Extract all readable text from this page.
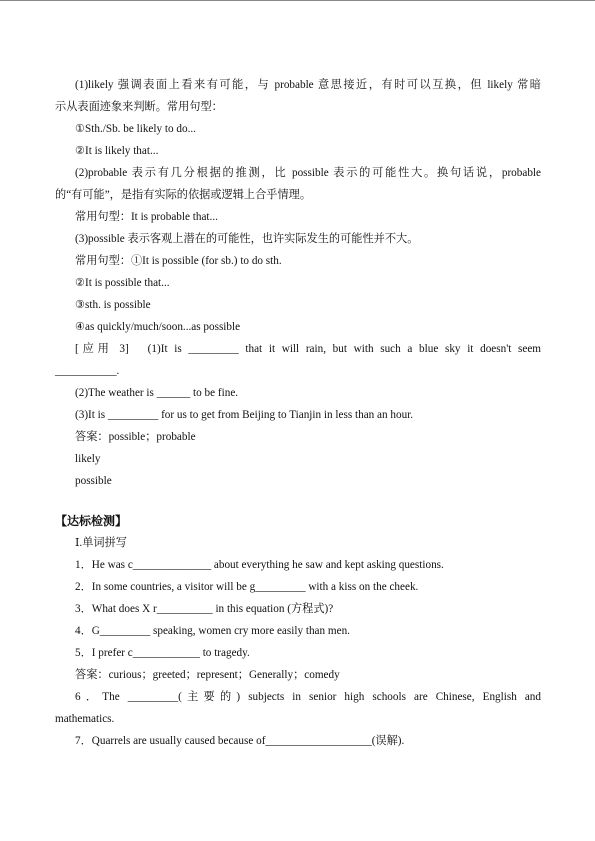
(1)likely 强调表面上看来有可能，与 probable 意思接近，有时可以互换，但 likely 常暗
示从表面迹象来判断。常用句型：
①Sth./Sb. be likely to do...
②It is likely that...
(2)probable 表示有几分根据的推测，比 possible 表示的可能性大。换句话说，probable
的“有可能”，是指有实际的依据或逻辑上合乎情理。
常用句型：It is probable that...
(3)possible 表示客观上潜在的可能性，也许实际发生的可能性并不大。
常用句型：①It is possible (for sb.) to do sth.
②It is possible that...
③sth. is possible
④as quickly/much/soon...as possible
[应用 3]　(1)It is _________ that it will rain, but with such a blue sky it doesn't seem
___________.
(2)The weather is ______ to be fine.
(3)It is _________ for us to get from Beijing to Tianjin in less than an hour.
答案：possible；probable
likely
possible
【达标检测】
Ⅰ.单词拼写
1．He was c______________ about everything he saw and kept asking questions.
2．In some countries, a visitor will be g_________ with a kiss on the cheek.
3．What does X r__________ in this equation (方程式)?
4．G_________ speaking, women cry more easily than men.
5．I prefer c____________ to tragedy.
答案：curious；greeted；represent；Generally；comedy
6．The _________(主要的) subjects in senior high schools are Chinese, English and
mathematics.
7．Quarrels are usually caused because of___________________(误解).
